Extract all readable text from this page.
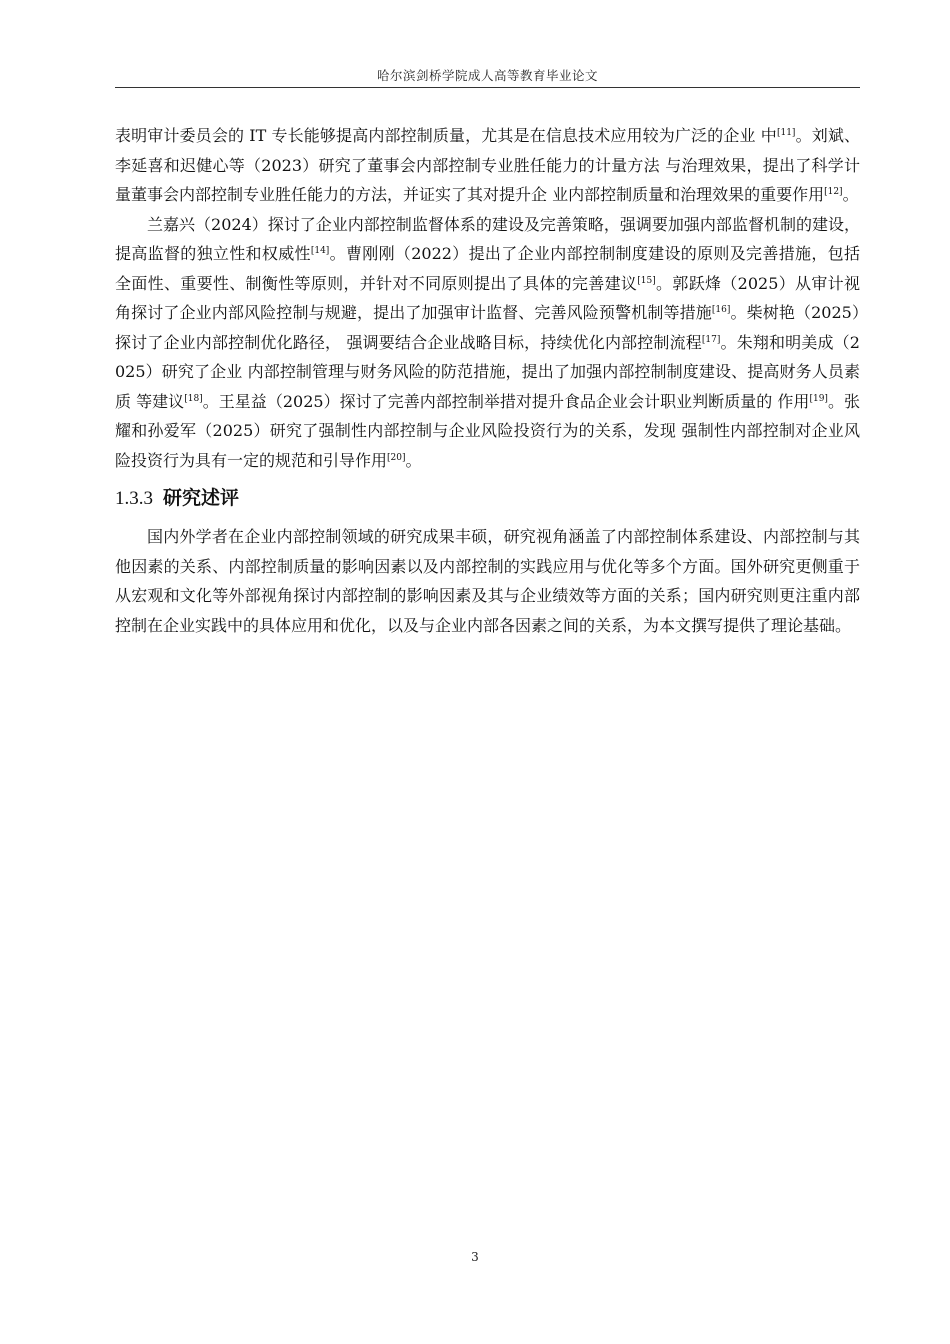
哈尔滨剑桥学院成人高等教育毕业论文

表明审计委员会的 IT 专长能够提高内部控制质量，尤其是在信息技术应用较为广泛的企业 中[11]。刘斌、李延喜和迟健心等（2023）研究了董事会内部控制专业胜任能力的计量方法 与治理效果，提出了科学计量董事会内部控制专业胜任能力的方法，并证实了其对提升企 业内部控制质量和治理效果的重要作用[12]。

兰嘉兴（2024）探讨了企业内部控制监督体系的建设及完善策略，强调要加强内部监督机制的建设，提高监督的独立性和权威性[14]。曹刚刚（2022）提出了企业内部控制制度建设的原则及完善措施，包括全面性、重要性、制衡性等原则，并针对不同原则提出了具体的完善建议[15]。郭跃烽（2025）从审计视角探讨了企业内部风险控制与规避，提出了加强审计监督、完善风险预警机制等措施[16]。柴树艳（2025）探讨了企业内部控制优化路径， 强调要结合企业战略目标，持续优化内部控制流程[17]。朱翔和明美成（2025）研究了企业 内部控制管理与财务风险的防范措施，提出了加强内部控制制度建设、提高财务人员素质 等建议[18]。王星益（2025）探讨了完善内部控制举措对提升食品企业会计职业判断质量的 作用[19]。张耀和孙爱军（2025）研究了强制性内部控制与企业风险投资行为的关系，发现 强制性内部控制对企业风险投资行为具有一定的规范和引导作用[20]。

1.3.3 研究述评

国内外学者在企业内部控制领域的研究成果丰硕，研究视角涵盖了内部控制体系建设、内部控制与其他因素的关系、内部控制质量的影响因素以及内部控制的实践应用与优化等多个方面。国外研究更侧重于从宏观和文化等外部视角探讨内部控制的影响因素及其与企业绩效等方面的关系；国内研究则更注重内部控制在企业实践中的具体应用和优化，以及与企业内部各因素之间的关系，为本文撰写提供了理论基础。

3
